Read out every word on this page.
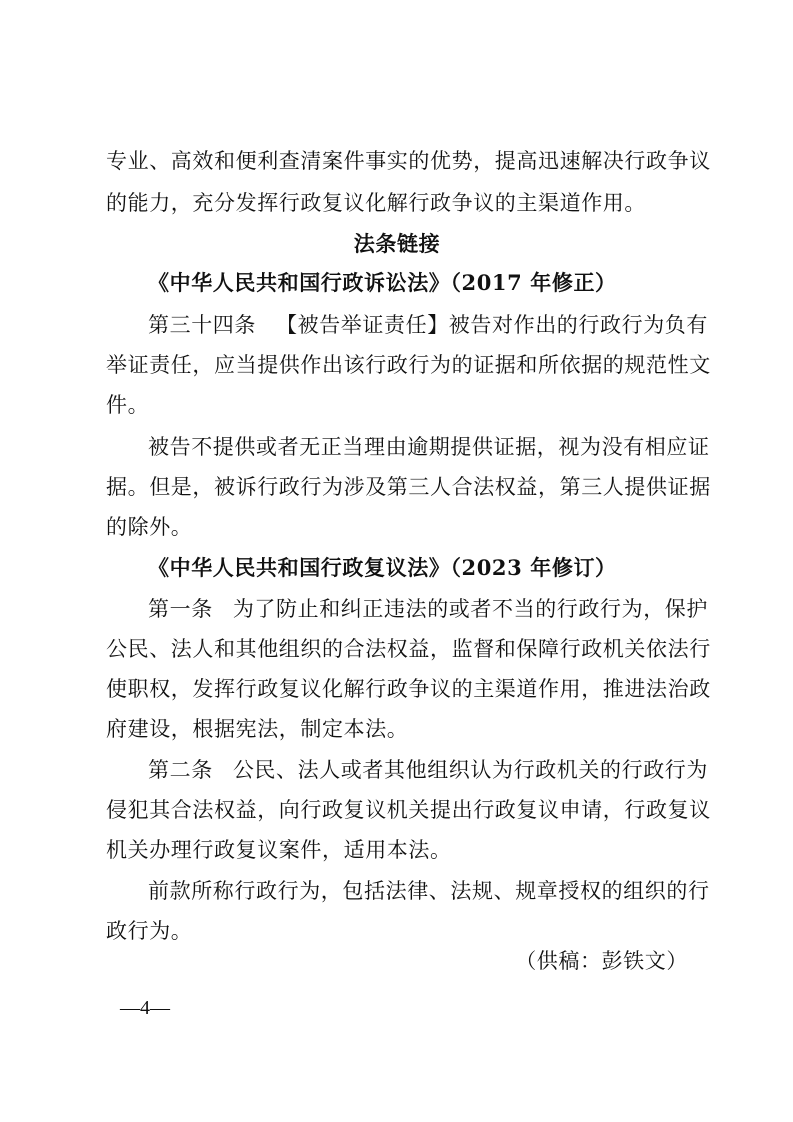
专业、高效和便利查清案件事实的优势，提高迅速解决行政争议
的能力，充分发挥行政复议化解行政争议的主渠道作用。
法条链接
《中华人民共和国行政诉讼法》（2017 年修正）
第三十四条 【被告举证责任】被告对作出的行政行为负有
举证责任，应当提供作出该行政行为的证据和所依据的规范性文
件。
被告不提供或者无正当理由逾期提供证据，视为没有相应证
据。但是，被诉行政行为涉及第三人合法权益，第三人提供证据
的除外。
《中华人民共和国行政复议法》（2023 年修订）
第一条 为了防止和纠正违法的或者不当的行政行为，保护
公民、法人和其他组织的合法权益，监督和保障行政机关依法行
使职权，发挥行政复议化解行政争议的主渠道作用，推进法治政
府建设，根据宪法，制定本法。
第二条 公民、法人或者其他组织认为行政机关的行政行为
侵犯其合法权益，向行政复议机关提出行政复议申请，行政复议
机关办理行政复议案件，适用本法。
前款所称行政行为，包括法律、法规、规章授权的组织的行
政行为。
（供稿：彭铁文）
—4—
